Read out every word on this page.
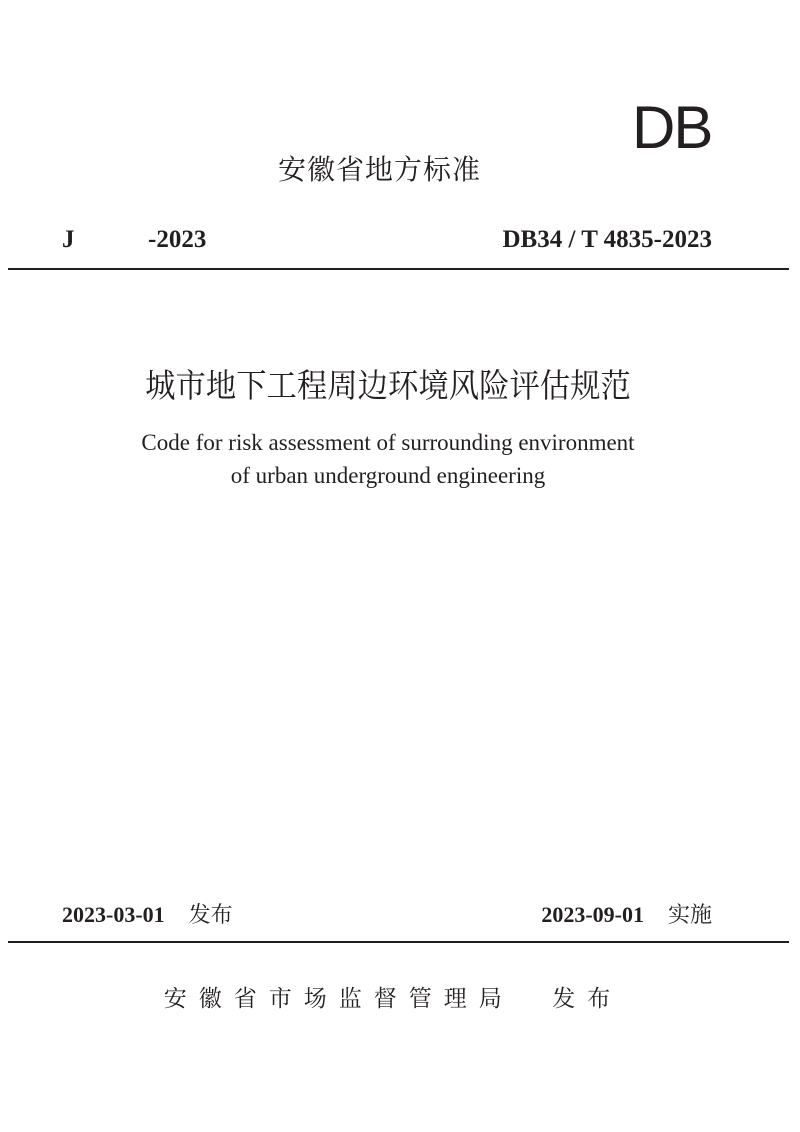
DB
安徽省地方标准
J	-2023	DB34 / T 4835-2023
城市地下工程周边环境风险评估规范
Code for risk assessment of surrounding environment
of urban underground engineering
2023-03-01 发布	2023-09-01 实施
安徽省市场监督管理局  发布
